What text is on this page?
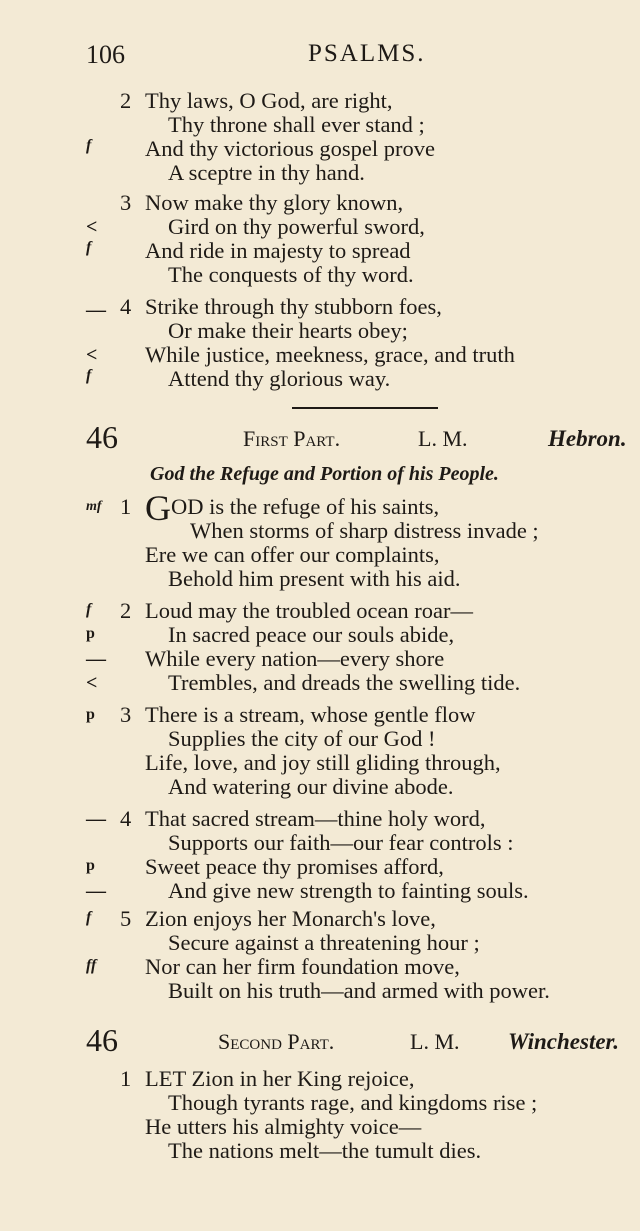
106	PSALMS.
2 Thy laws, O God, are right,
Thy throne shall ever stand ;
f And thy victorious gospel prove
A sceptre in thy hand.
3 Now make thy glory known,
<	Gird on thy powerful sword,
f And ride in majesty to spread
The conquests of thy word.
— 4 Strike through thy stubborn foes,
Or make their hearts obey;
< While justice, meekness, grace, and truth
f	Attend thy glorious way.
46	First Part.	L. M.	Hebron.
God the Refuge and Portion of his People.
mf 1 GOD is the refuge of his saints,
When storms of sharp distress invade ;
Ere we can offer our complaints,
Behold him present with his aid.
f 2 Loud may the troubled ocean roar—
p	In sacred peace our souls abide,
— While every nation—every shore
<	Trembles, and dreads the swelling tide.
p 3 There is a stream, whose gentle flow
Supplies the city of our God !
Life, love, and joy still gliding through,
And watering our divine abode.
— 4 That sacred stream—thine holy word,
Supports our faith—our fear controls :
p Sweet peace thy promises afford,
—	And give new strength to fainting souls.
f 5 Zion enjoys her Monarch's love,
Secure against a threatening hour ;
ff Nor can her firm foundation move,
Built on his truth—and armed with power.
46	Second Part.	L. M. Winchester.
1 LET Zion in her King rejoice,
Though tyrants rage, and kingdoms rise ;
He utters his almighty voice—
The nations melt—the tumult dies.
